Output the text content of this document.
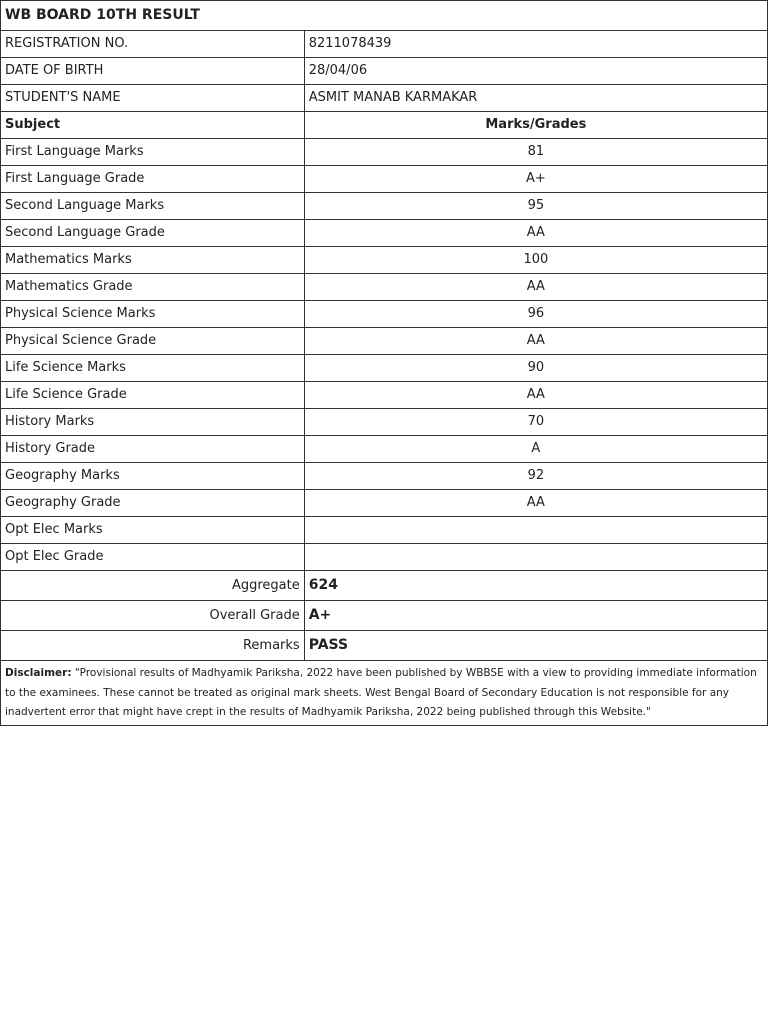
WB BOARD 10TH RESULT	
REGISTRATION NO.	8211078439
DATE OF BIRTH	28/04/06
STUDENT'S NAME	ASMIT MANAB KARMAKAR
Subject	Marks/Grades
First Language Marks	81
First Language Grade	A+
Second Language Marks	95
Second Language Grade	AA
Mathematics Marks	100
Mathematics Grade	AA
Physical Science Marks	96
Physical Science Grade	AA
Life Science Marks	90
Life Science Grade	AA
History Marks	70
History Grade	A
Geography Marks	92
Geography Grade	AA
Opt Elec Marks	
Opt Elec Grade	
Aggregate	624
Overall Grade	A+
Remarks	PASS
Disclaimer: "Provisional results of Madhyamik Pariksha, 2022 have been published by WBBSE with a view to providing immediate information to the examinees. These cannot be treated as original mark sheets. West Bengal Board of Secondary Education is not responsible for any inadvertent error that might have crept in the results of Madhyamik Pariksha, 2022 being published through this Website."	
